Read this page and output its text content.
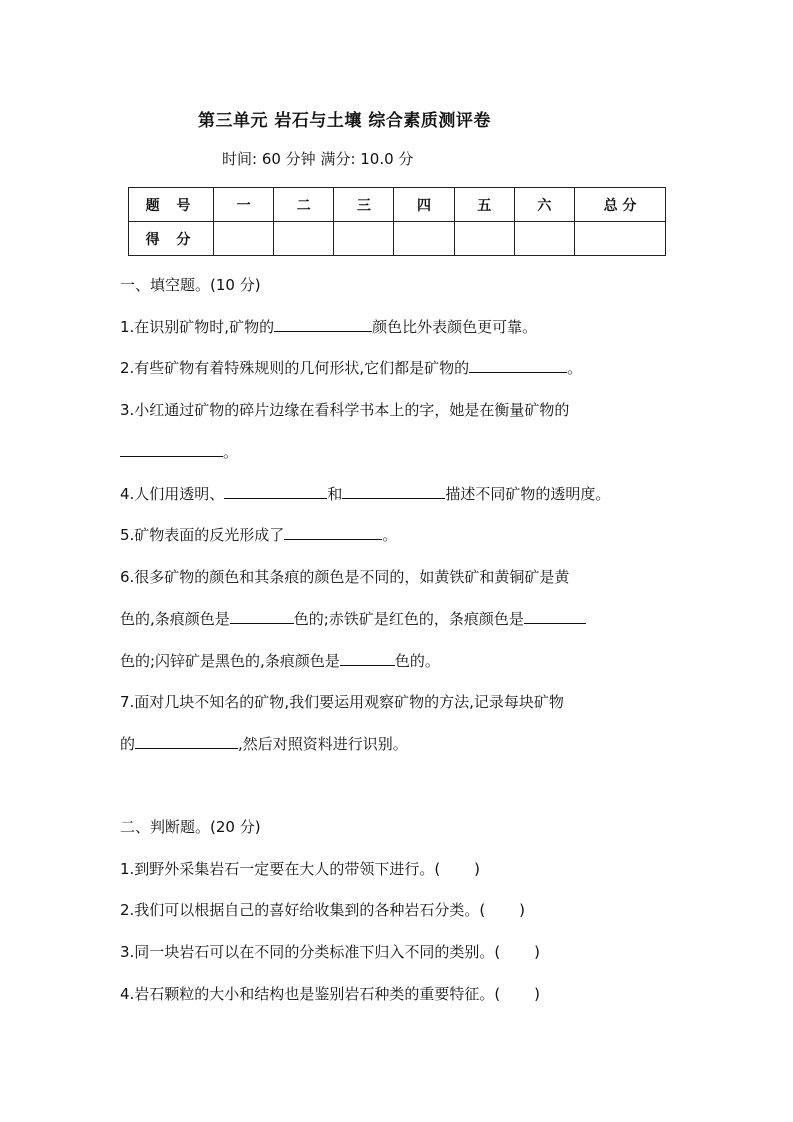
第三单元 岩石与土壤 综合素质测评卷
时间: 60 分钟 满分: 10.0 分
题 号	一	二	三	四	五	六	总 分
得 分							
一、填空题。(10 分)
1.在识别矿物时,矿物的	颜色比外表颜色更可靠。
2.有些矿物有着特殊规则的几何形状,它们都是矿物的	。
3.小红通过矿物的碎片边缘在看科学书本上的字，她是在衡量矿物的
。
4.人们用透明、	和	描述不同矿物的透明度。
5.矿物表面的反光形成了	。
6.很多矿物的颜色和其条痕的颜色是不同的，如黄铁矿和黄铜矿是黄
色的,条痕颜色是	色的;赤铁矿是红色的，条痕颜色是
色的;闪锌矿是黑色的,条痕颜色是	色的。
7.面对几块不知名的矿物,我们要运用观察矿物的方法,记录每块矿物
的	,然后对照资料进行识别。
二、判断题。(20 分)
1.到野外采集岩石一定要在大人的带领下进行。( )
2.我们可以根据自己的喜好给收集到的各种岩石分类。( )
3.同一块岩石可以在不同的分类标准下归入不同的类别。( )
4.岩石颗粒的大小和结构也是鉴别岩石种类的重要特征。( )
